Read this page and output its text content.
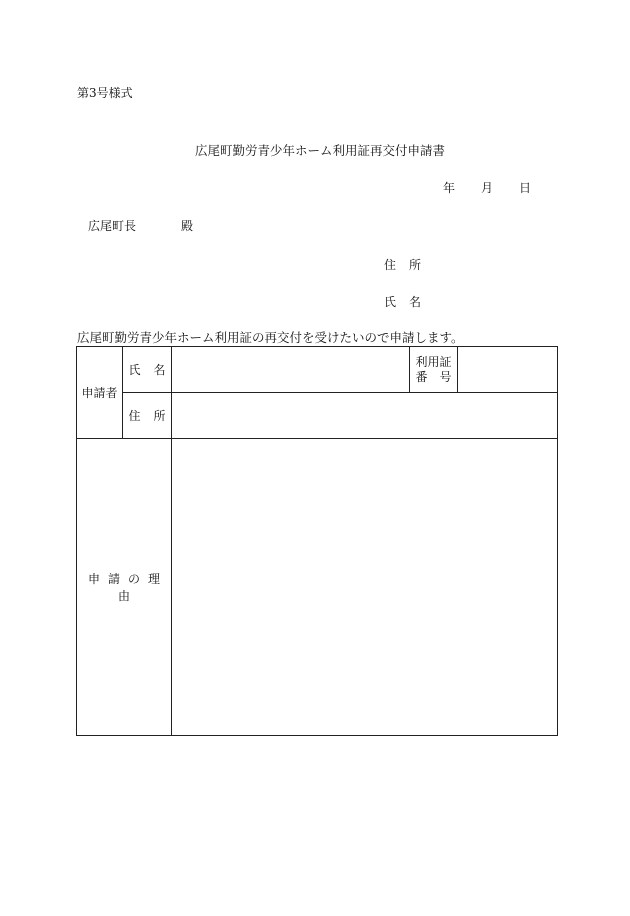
第3号様式
広尾町勤労青少年ホーム利用証再交付申請書
年 月 日
広尾町長	殿
住 所
氏 名
広尾町勤労青少年ホーム利用証の再交付を受けたいので申請します。
申請者	氏 名		利用証
番　号	

	住 所			
申 請 の 理由				
